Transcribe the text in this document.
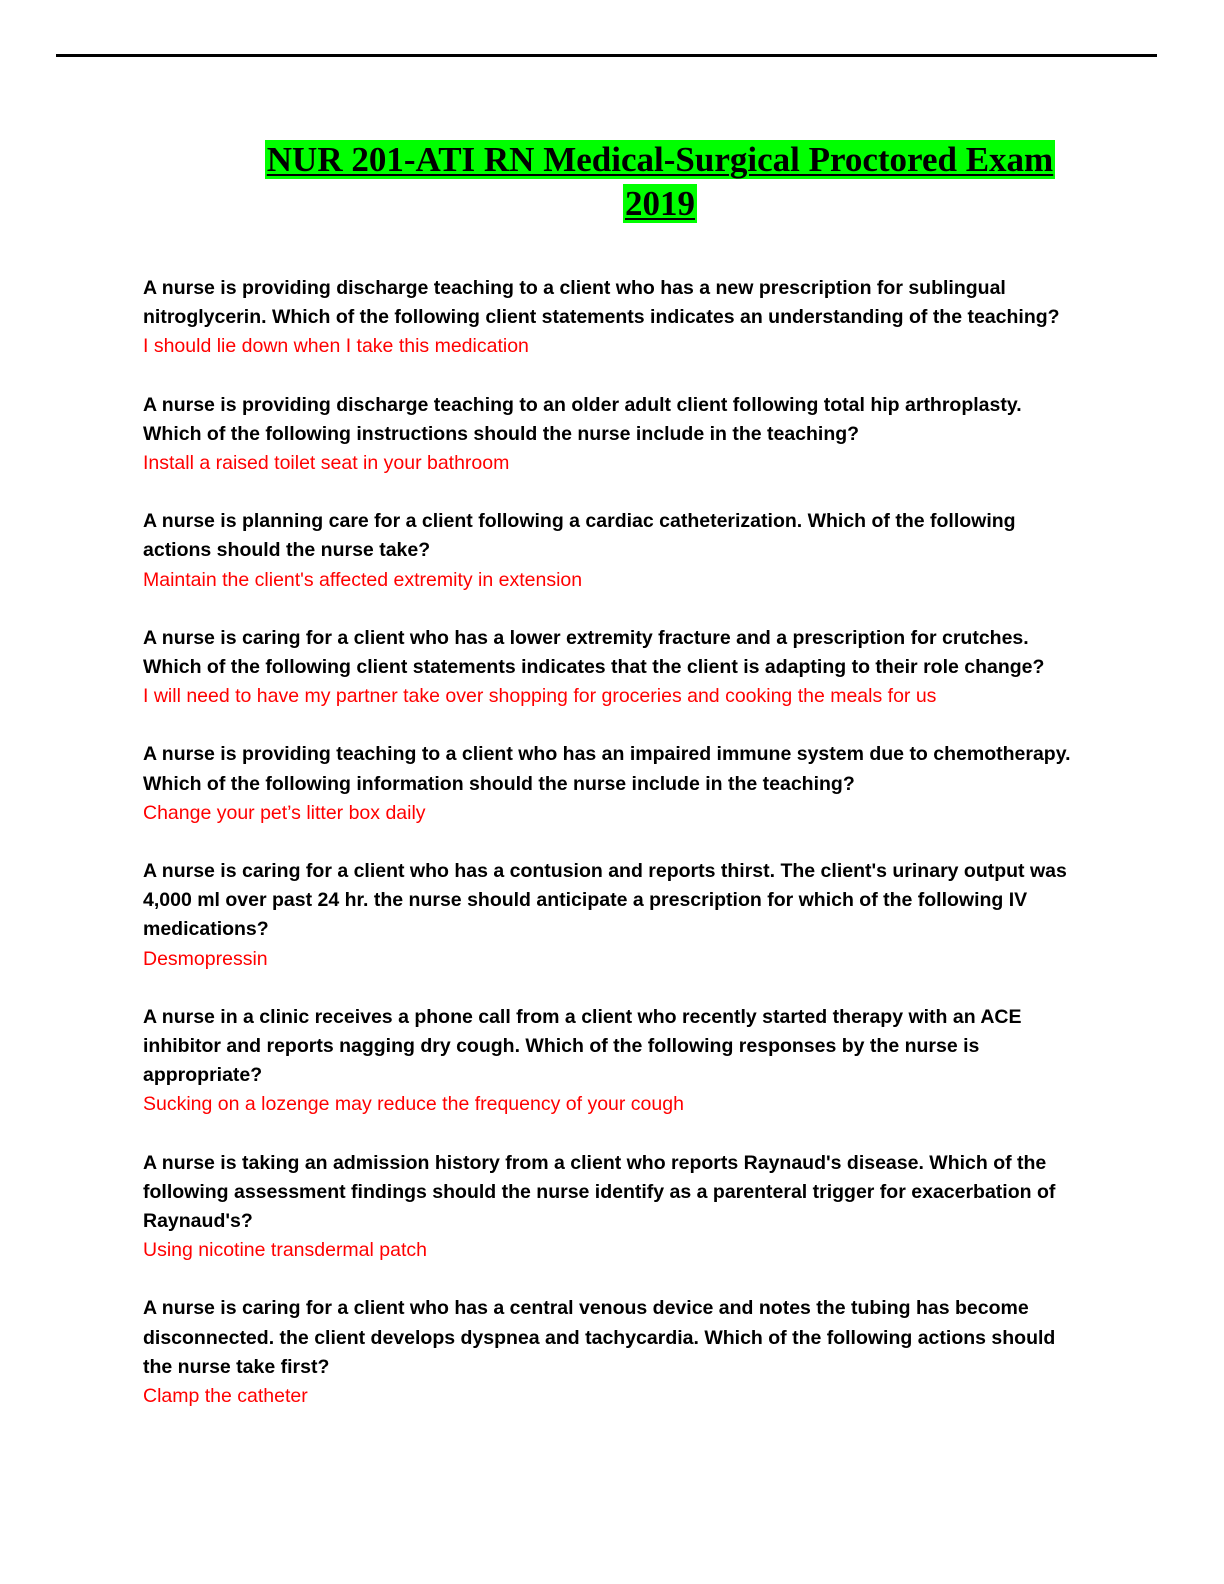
NUR 201-ATI RN Medical-Surgical Proctored Exam
2019
A nurse is providing discharge teaching to a client who has a new prescription for sublingual nitroglycerin. Which of the following client statements indicates an understanding of the teaching?
I should lie down when I take this medication
A nurse is providing discharge teaching to an older adult client following total hip arthroplasty. Which of the following instructions should the nurse include in the teaching?
Install a raised toilet seat in your bathroom
A nurse is planning care for a client following a cardiac catheterization. Which of the following actions should the nurse take?
Maintain the client's affected extremity in extension
A nurse is caring for a client who has a lower extremity fracture and a prescription for crutches. Which of the following client statements indicates that the client is adapting to their role change?
I will need to have my partner take over shopping for groceries and cooking the meals for us
A nurse is providing teaching to a client who has an impaired immune system due to chemotherapy. Which of the following information should the nurse include in the teaching?
Change your pet’s litter box daily
A nurse is caring for a client who has a contusion and reports thirst. The client's urinary output was 4,000 ml over past 24 hr. the nurse should anticipate a prescription for which of the following IV medications?
Desmopressin
A nurse in a clinic receives a phone call from a client who recently started therapy with an ACE inhibitor and reports nagging dry cough. Which of the following responses by the nurse is appropriate?
Sucking on a lozenge may reduce the frequency of your cough
A nurse is taking an admission history from a client who reports Raynaud's disease. Which of the following assessment findings should the nurse identify as a parenteral trigger for exacerbation of Raynaud's?
Using nicotine transdermal patch
A nurse is caring for a client who has a central venous device and notes the tubing has become disconnected. the client develops dyspnea and tachycardia. Which of the following actions should the nurse take first?
Clamp the catheter
